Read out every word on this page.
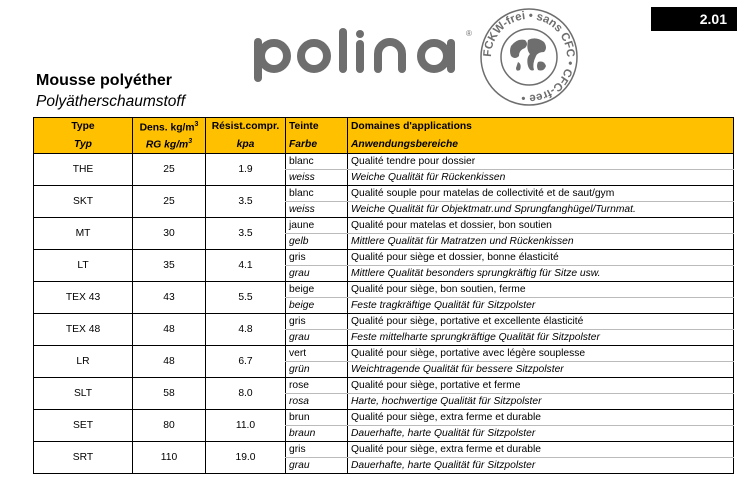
2.01
®
FCKW-frei • sans CFC • CFC-free •
Mousse polyéther
Polyätherschaumstoff
Type	Dens. $kg/m^3$	Résist.compr.	Teinte	Domaines d'applications
Typ	RG $kg/m^3$	kpa	Farbe	Anwendungsbereiche
THE	25	1.9	blanc	Qualité tendre pour dossier
			weiss	Weiche Qualität für Rückenkissen
SKT	25	3.5	blanc	Qualité souple pour matelas de collectivité et de saut/gym
			weiss	Weiche Qualität für Objektmatr.und Sprungfanghügel/Turnmat.
MT	30	3.5	jaune	Qualité pour matelas et dossier, bon soutien
			gelb	Mittlere Qualität für Matratzen und Rückenkissen
LT	35	4.1	gris	Qualité pour siège et dossier, bonne élasticité
			grau	Mittlere Qualität besonders sprungkräftig für Sitze usw.
TEX 43	43	5.5	beige	Qualité pour siège, bon soutien, ferme
			beige	Feste tragkräftige Qualität für Sitzpolster
TEX 48	48	4.8	gris	Qualité pour siège, portative et excellente élasticité
			grau	Feste mittelharte sprungkräftige Qualität für Sitzpolster
LR	48	6.7	vert	Qualité pour siège, portative avec légère souplesse
			grün	Weichtragende Qualität für bessere Sitzpolster
SLT	58	8.0	rose	Qualité pour siège, portative et ferme
			rosa	Harte, hochwertige Qualität für Sitzpolster
SET	80	11.0	brun	Qualité pour siège, extra ferme et durable
			braun	Dauerhafte, harte Qualität für Sitzpolster
SRT	110	19.0	gris	Qualité pour siège, extra ferme et durable
			grau	Dauerhafte, harte Qualität für Sitzpolster
